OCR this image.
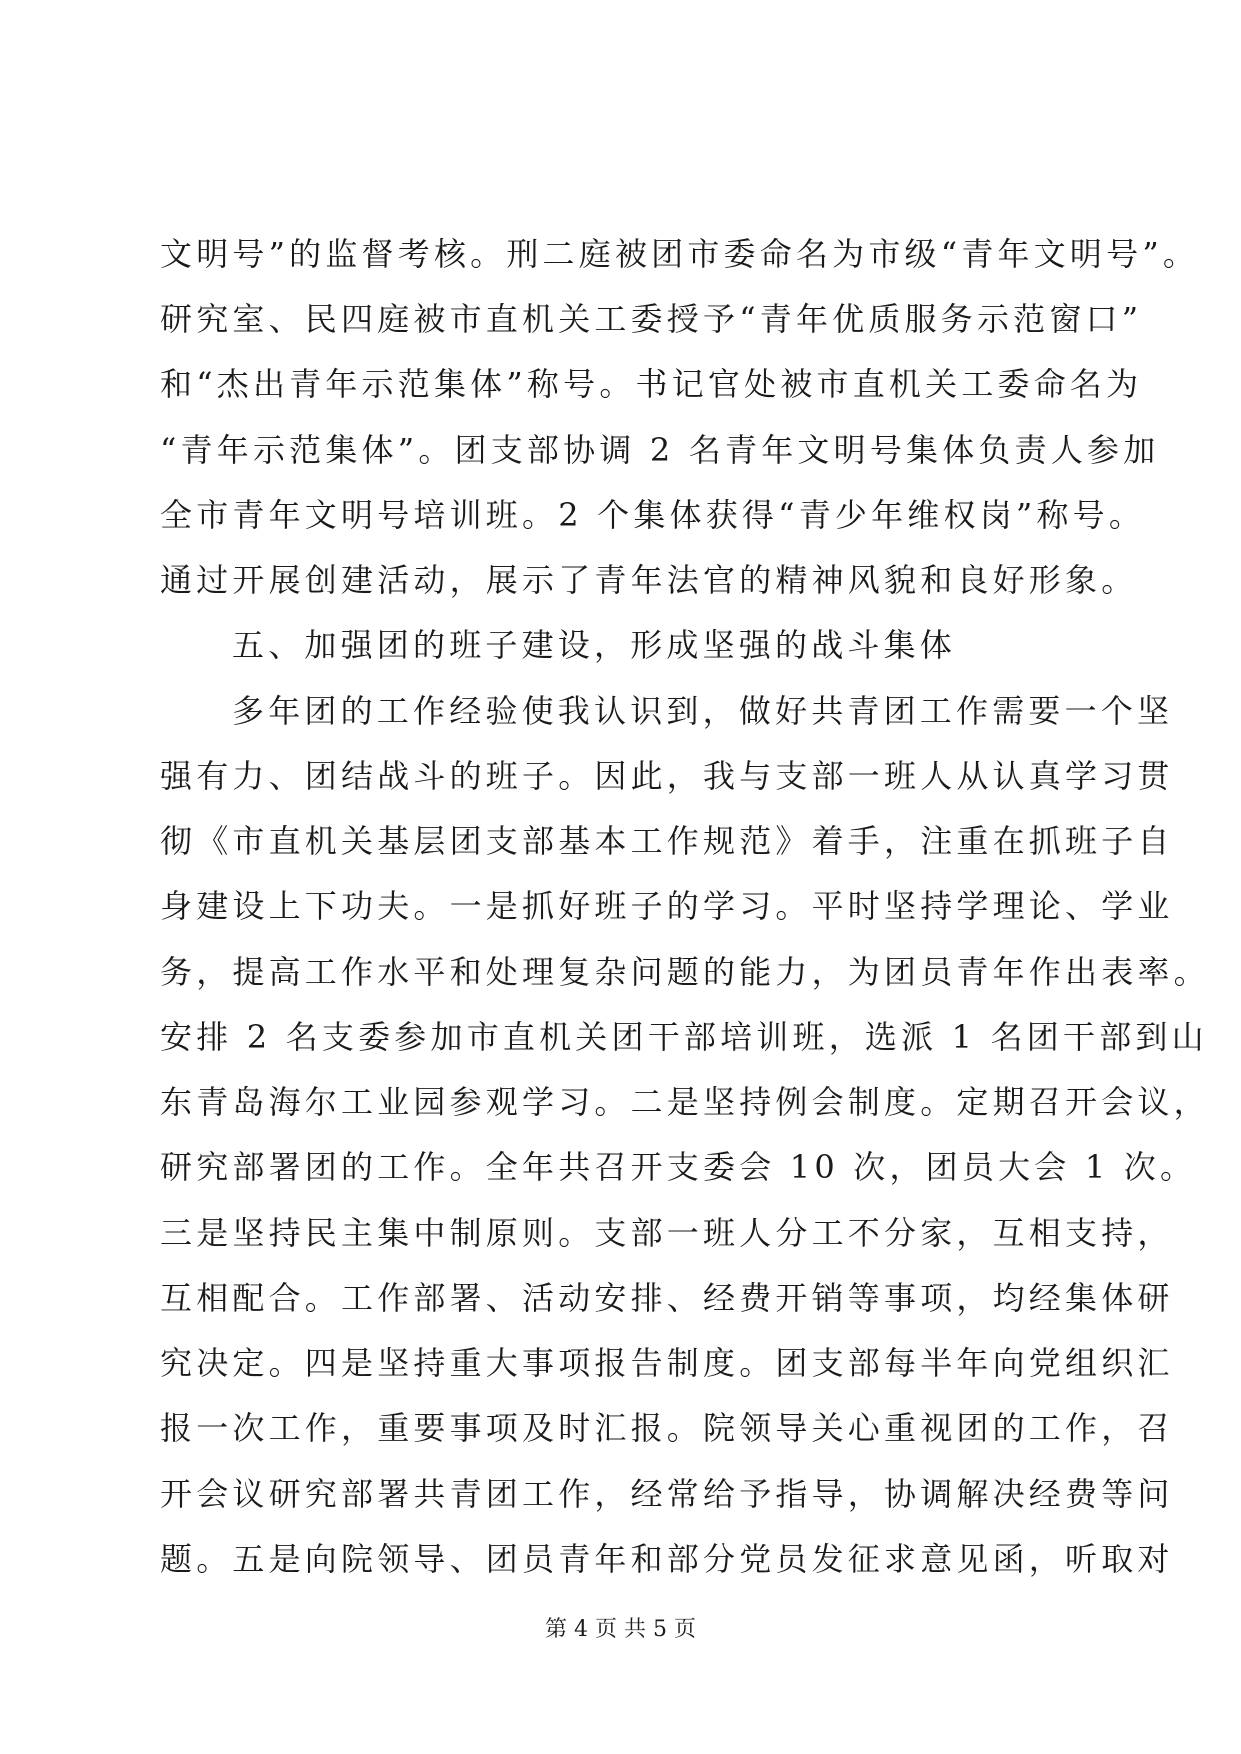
文明号”的监督考核。刑二庭被团市委命名为市级“青年文明号”。
研究室、民四庭被市直机关工委授予“青年优质服务示范窗口”
和“杰出青年示范集体”称号。书记官处被市直机关工委命名为
“青年示范集体”。团支部协调 2 名青年文明号集体负责人参加
全市青年文明号培训班。2 个集体获得“青少年维权岗”称号。
通过开展创建活动，展示了青年法官的精神风貌和良好形象。
五、加强团的班子建设，形成坚强的战斗集体
多年团的工作经验使我认识到，做好共青团工作需要一个坚
强有力、团结战斗的班子。因此，我与支部一班人从认真学习贯
彻《市直机关基层团支部基本工作规范》着手，注重在抓班子自
身建设上下功夫。一是抓好班子的学习。平时坚持学理论、学业
务，提高工作水平和处理复杂问题的能力，为团员青年作出表率。
安排 2 名支委参加市直机关团干部培训班，选派 1 名团干部到山
东青岛海尔工业园参观学习。二是坚持例会制度。定期召开会议，
研究部署团的工作。全年共召开支委会 10 次，团员大会 1 次。
三是坚持民主集中制原则。支部一班人分工不分家，互相支持，
互相配合。工作部署、活动安排、经费开销等事项，均经集体研
究决定。四是坚持重大事项报告制度。团支部每半年向党组织汇
报一次工作，重要事项及时汇报。院领导关心重视团的工作，召
开会议研究部署共青团工作，经常给予指导，协调解决经费等问
题。五是向院领导、团员青年和部分党员发征求意见函，听取对
第 4 页 共 5 页
